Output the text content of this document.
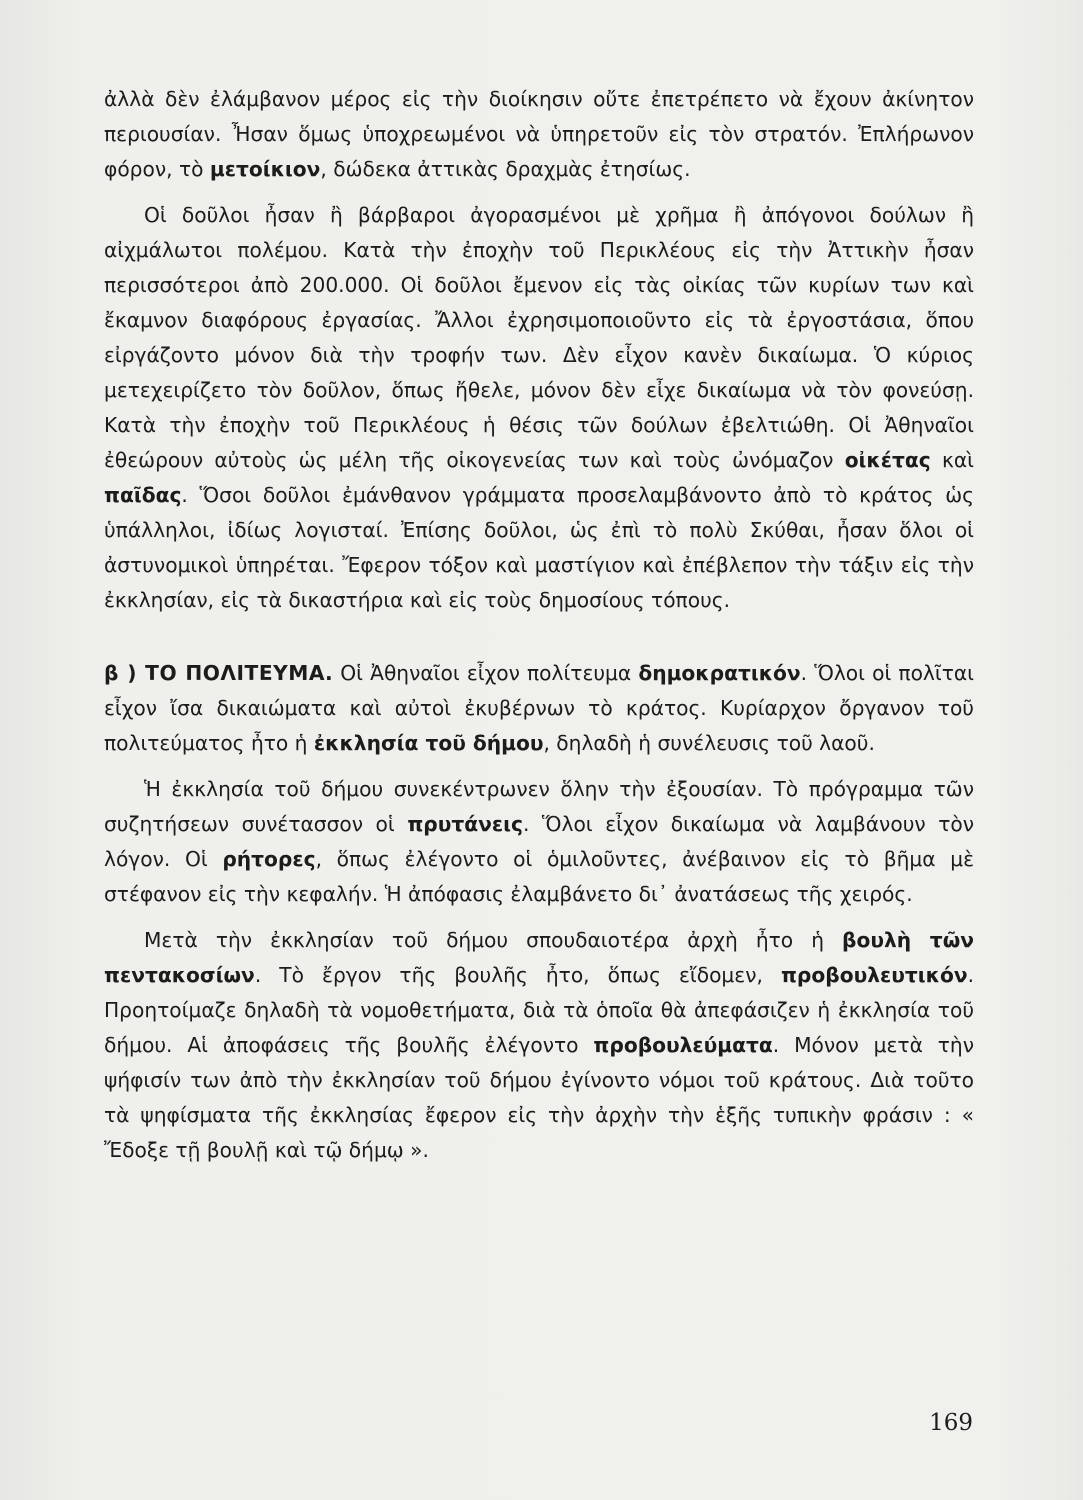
ἀλλὰ δὲν ἐλάμβανον μέρος εἰς τὴν διοίκησιν οὔτε ἐπετρέπετο νὰ ἔχουν ἀκίνητον περιουσίαν. Ἦσαν ὅμως ὑποχρεωμένοι νὰ ὑπηρετοῦν εἰς τὸν στρατόν. Ἐπλήρωνον φόρον, τὸ μετοίκιον, δώδεκα ἀττικὰς δραχμὰς ἐτησίως.

Οἱ δοῦλοι ἦσαν ἢ βάρβαροι ἀγορασμένοι μὲ χρῆμα ἢ ἀπόγονοι δούλων ἢ αἰχμάλωτοι πολέμου. Κατὰ τὴν ἐποχὴν τοῦ Περικλέους εἰς τὴν Ἀττικὴν ἦσαν περισσότεροι ἀπὸ 200.000. Οἱ δοῦλοι ἔμενον εἰς τὰς οἰκίας τῶν κυρίων των καὶ ἔκαμνον διαφόρους ἐργασίας. Ἄλλοι ἐχρησιμοποιοῦντο εἰς τὰ ἐργοστάσια, ὅπου εἰργάζοντο μόνον διὰ τὴν τροφήν των. Δὲν εἶχον κανὲν δικαίωμα. Ὁ κύριος μετεχειρίζετο τὸν δοῦλον, ὅπως ἤθελε, μόνον δὲν εἶχε δικαίωμα νὰ τὸν φονεύσῃ. Κατὰ τὴν ἐποχὴν τοῦ Περικλέους ἡ θέσις τῶν δούλων ἐβελτιώθη. Οἱ Ἀθηναῖοι ἐθεώρουν αὐτοὺς ὡς μέλη τῆς οἰκογενείας των καὶ τοὺς ὠνόμαζον οἰκέτας καὶ παῖδας. Ὅσοι δοῦλοι ἐμάνθανον γράμματα προσελαμβάνοντο ἀπὸ τὸ κράτος ὡς ὑπάλληλοι, ἰδίως λογισταί. Ἐπίσης δοῦλοι, ὡς ἐπὶ τὸ πολὺ Σκύθαι, ἦσαν ὅλοι οἱ ἀστυνομικοὶ ὑπηρέται. Ἔφερον τόξον καὶ μαστίγιον καὶ ἐπέβλεπον τὴν τάξιν εἰς τὴν ἐκκλησίαν, εἰς τὰ δικαστήρια καὶ εἰς τοὺς δημοσίους τόπους.

β ) ΤΟ ΠΟΛΙΤΕΥΜΑ. Οἱ Ἀθηναῖοι εἶχον πολίτευμα δημοκρατικόν. Ὅλοι οἱ πολῖται εἶχον ἴσα δικαιώματα καὶ αὐτοὶ ἐκυβέρνων τὸ κράτος. Κυρίαρχον ὄργανον τοῦ πολιτεύματος ἦτο ἡ ἐκκλησία τοῦ δήμου, δηλαδὴ ἡ συνέλευσις τοῦ λαοῦ.

Ἡ ἐκκλησία τοῦ δήμου συνεκέντρωνεν ὅλην τὴν ἐξουσίαν. Τὸ πρόγραμμα τῶν συζητήσεων συνέτασσον οἱ πρυτάνεις. Ὅλοι εἶχον δικαίωμα νὰ λαμβάνουν τὸν λόγον. Οἱ ρήτορες, ὅπως ἐλέγοντο οἱ ὁμιλοῦντες, ἀνέβαινον εἰς τὸ βῆμα μὲ στέφανον εἰς τὴν κεφαλήν. Ἡ ἀπόφασις ἐλαμβάνετο δι᾽ ἀνατάσεως τῆς χειρός.

Μετὰ τὴν ἐκκλησίαν τοῦ δήμου σπουδαιοτέρα ἀρχὴ ἦτο ἡ βουλὴ τῶν πεντακοσίων. Τὸ ἔργον τῆς βουλῆς ἦτο, ὅπως εἴδομεν, προβουλευτικόν. Προητοίμαζε δηλαδὴ τὰ νομοθετήματα, διὰ τὰ ὁποῖα θὰ ἀπεφάσιζεν ἡ ἐκκλησία τοῦ δήμου. Αἱ ἀποφάσεις τῆς βουλῆς ἐλέγοντο προβουλεύματα. Μόνον μετὰ τὴν ψήφισίν των ἀπὸ τὴν ἐκκλησίαν τοῦ δήμου ἐγίνοντο νόμοι τοῦ κράτους. Διὰ τοῦτο τὰ ψηφίσματα τῆς ἐκκλησίας ἔφερον εἰς τὴν ἀρχὴν τὴν ἑξῆς τυπικὴν φράσιν : « Ἔδοξε τῇ βουλῇ καὶ τῷ δήμῳ ».

169
